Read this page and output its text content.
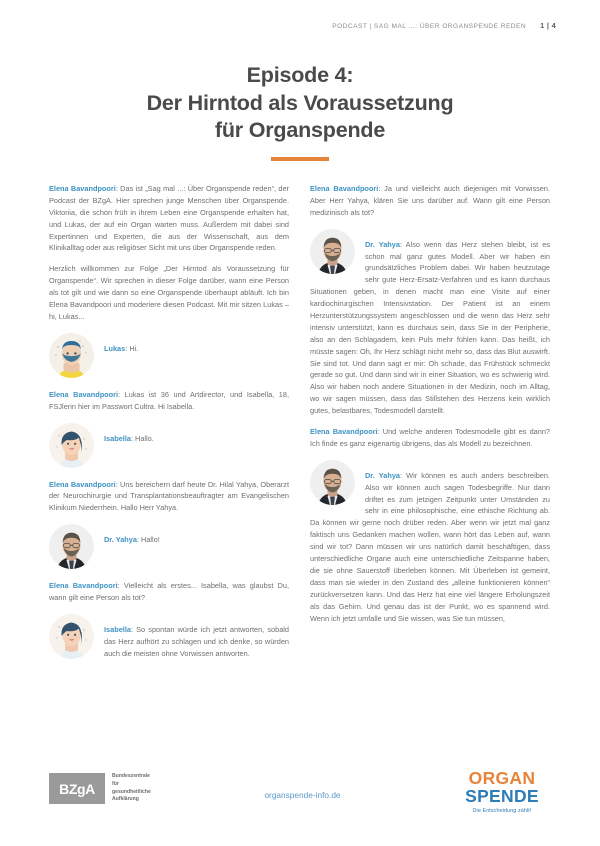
PODCAST | SAG MAL ...: ÜBER ORGANSPENDE REDEN 1 | 4
Episode 4:
Der Hirntod als Voraussetzung
für Organspende

Elena Bavandpoori: Das ist „Sag mal ...: Über Organspende reden“, der Podcast der BZgA. Hier sprechen junge Menschen über Organspende. Viktoriia, die schon früh in ihrem Leben eine Organspende erhalten hat, und Lukas, der auf ein Organ warten muss. Außerdem mit dabei sind Expertinnen und Experten, die aus der Wissenschaft, aus dem Klinikalltag oder aus religiöser Sicht mit uns über Organspende reden.

Herzlich willkommen zur Folge „Der Hirntod als Voraussetzung für Organspende“. Wir sprechen in dieser Folge darüber, wann eine Person als tot gilt und wie dann so eine Organspende überhaupt abläuft. Ich bin Elena Bavandpoori und moderiere diesen Podcast. Mit mir sitzen Lukas – hi, Lukas...

Lukas: Hi.

Elena Bavandpoori: Lukas ist 36 und Artdirector, und Isabella, 18, FSJlerin hier im Passwort Cultra. Hi Isabella.

Isabella: Hallo.

Elena Bavandpoori: Uns bereichern darf heute Dr. Hilal Yahya, Oberarzt der Neurochirurgie und Transplantationsbeauftragter am Evangelischen Klinikum Niederrhein. Hallo Herr Yahya.

Dr. Yahya: Hallo!

Elena Bavandpoori: Vielleicht als erstes... Isabella, was glaubst Du, wann gilt eine Person als tot?

Isabella: So spontan würde ich jetzt antworten, sobald das Herz aufhört zu schlagen und ich denke, so würden auch die meisten ohne Vorwissen antworten.

Elena Bavandpoori: Ja und vielleicht auch diejenigen mit Vorwissen. Aber Herr Yahya, klären Sie uns darüber auf. Wann gilt eine Person medizinisch als tot?

Dr. Yahya: Also wenn das Herz stehen bleibt, ist es schon mal ganz gutes Modell. Aber wir haben ein grundsätzliches Problem dabei. Wir haben heutzutage sehr gute Herz-Ersatz-Verfahren und es kann durchaus Situationen geben, in denen macht man eine Visite auf einer kardiochirurgischen Intensivstation. Der Patient ist an einem Herzunterstützungssystem angeschlossen und die wenn das Herz sehr intensiv unterstützt, kann es durchaus sein, dass Sie in der Peripherie, also an den Schlagadern, kein Puls mehr fühlen kann. Das heißt, ich müsste sagen: Oh, Ihr Herz schlägt nicht mehr so, dass das Blut auswirft. Sie sind tot. Und dann sagt er mir: Oh schade, das Frühstück schmeckt gerade so gut. Und dann sind wir in einer Situation, wo es schwierig wird. Also wir haben noch andere Situationen in der Medizin, noch im Alltag, wo wir sagen müssen, dass das Stillstehen des Herzens kein wirklich gutes, belastbares, Todesmodell darstellt.

Elena Bavandpoori: Und welche anderen Todesmodelle gibt es dann? Ich finde es ganz eigenartig übrigens, das als Modell zu bezeichnen.

Dr. Yahya: Wir können es auch anders beschreiben. Also wir können auch sagen Todesbegriffe. Nur dann driftet es zum jetzigen Zeitpunkt unter Umständen zu sehr in eine philosophische, eine ethische Richtung ab. Da können wir gerne noch drüber reden. Aber wenn wir jetzt mal ganz faktisch uns Gedanken machen wollen, wann hört das Leben auf, wann sind wir tot? Dann müssen wir uns natürlich damit beschäftigen, dass unterschiedliche Organe auch eine unterschiedliche Zeitspanne haben, die sie ohne Sauerstoff überleben können. Mit Überleben ist gemeint, dass man sie wieder in den Zustand des „alleine funktionieren können“ zurückversetzen kann. Und das Herz hat eine viel längere Erholungszeit als das Gehirn. Und genau das ist der Punkt, wo es spannend wird. Wenn ich jetzt umfalle und Sie wissen, was Sie tun müssen,

BZgA
Bundeszentrale
für
gesundheitliche
Aufklärung	organspende-info.de
ORGAN
SPENDE
Die Entscheidung zählt!
